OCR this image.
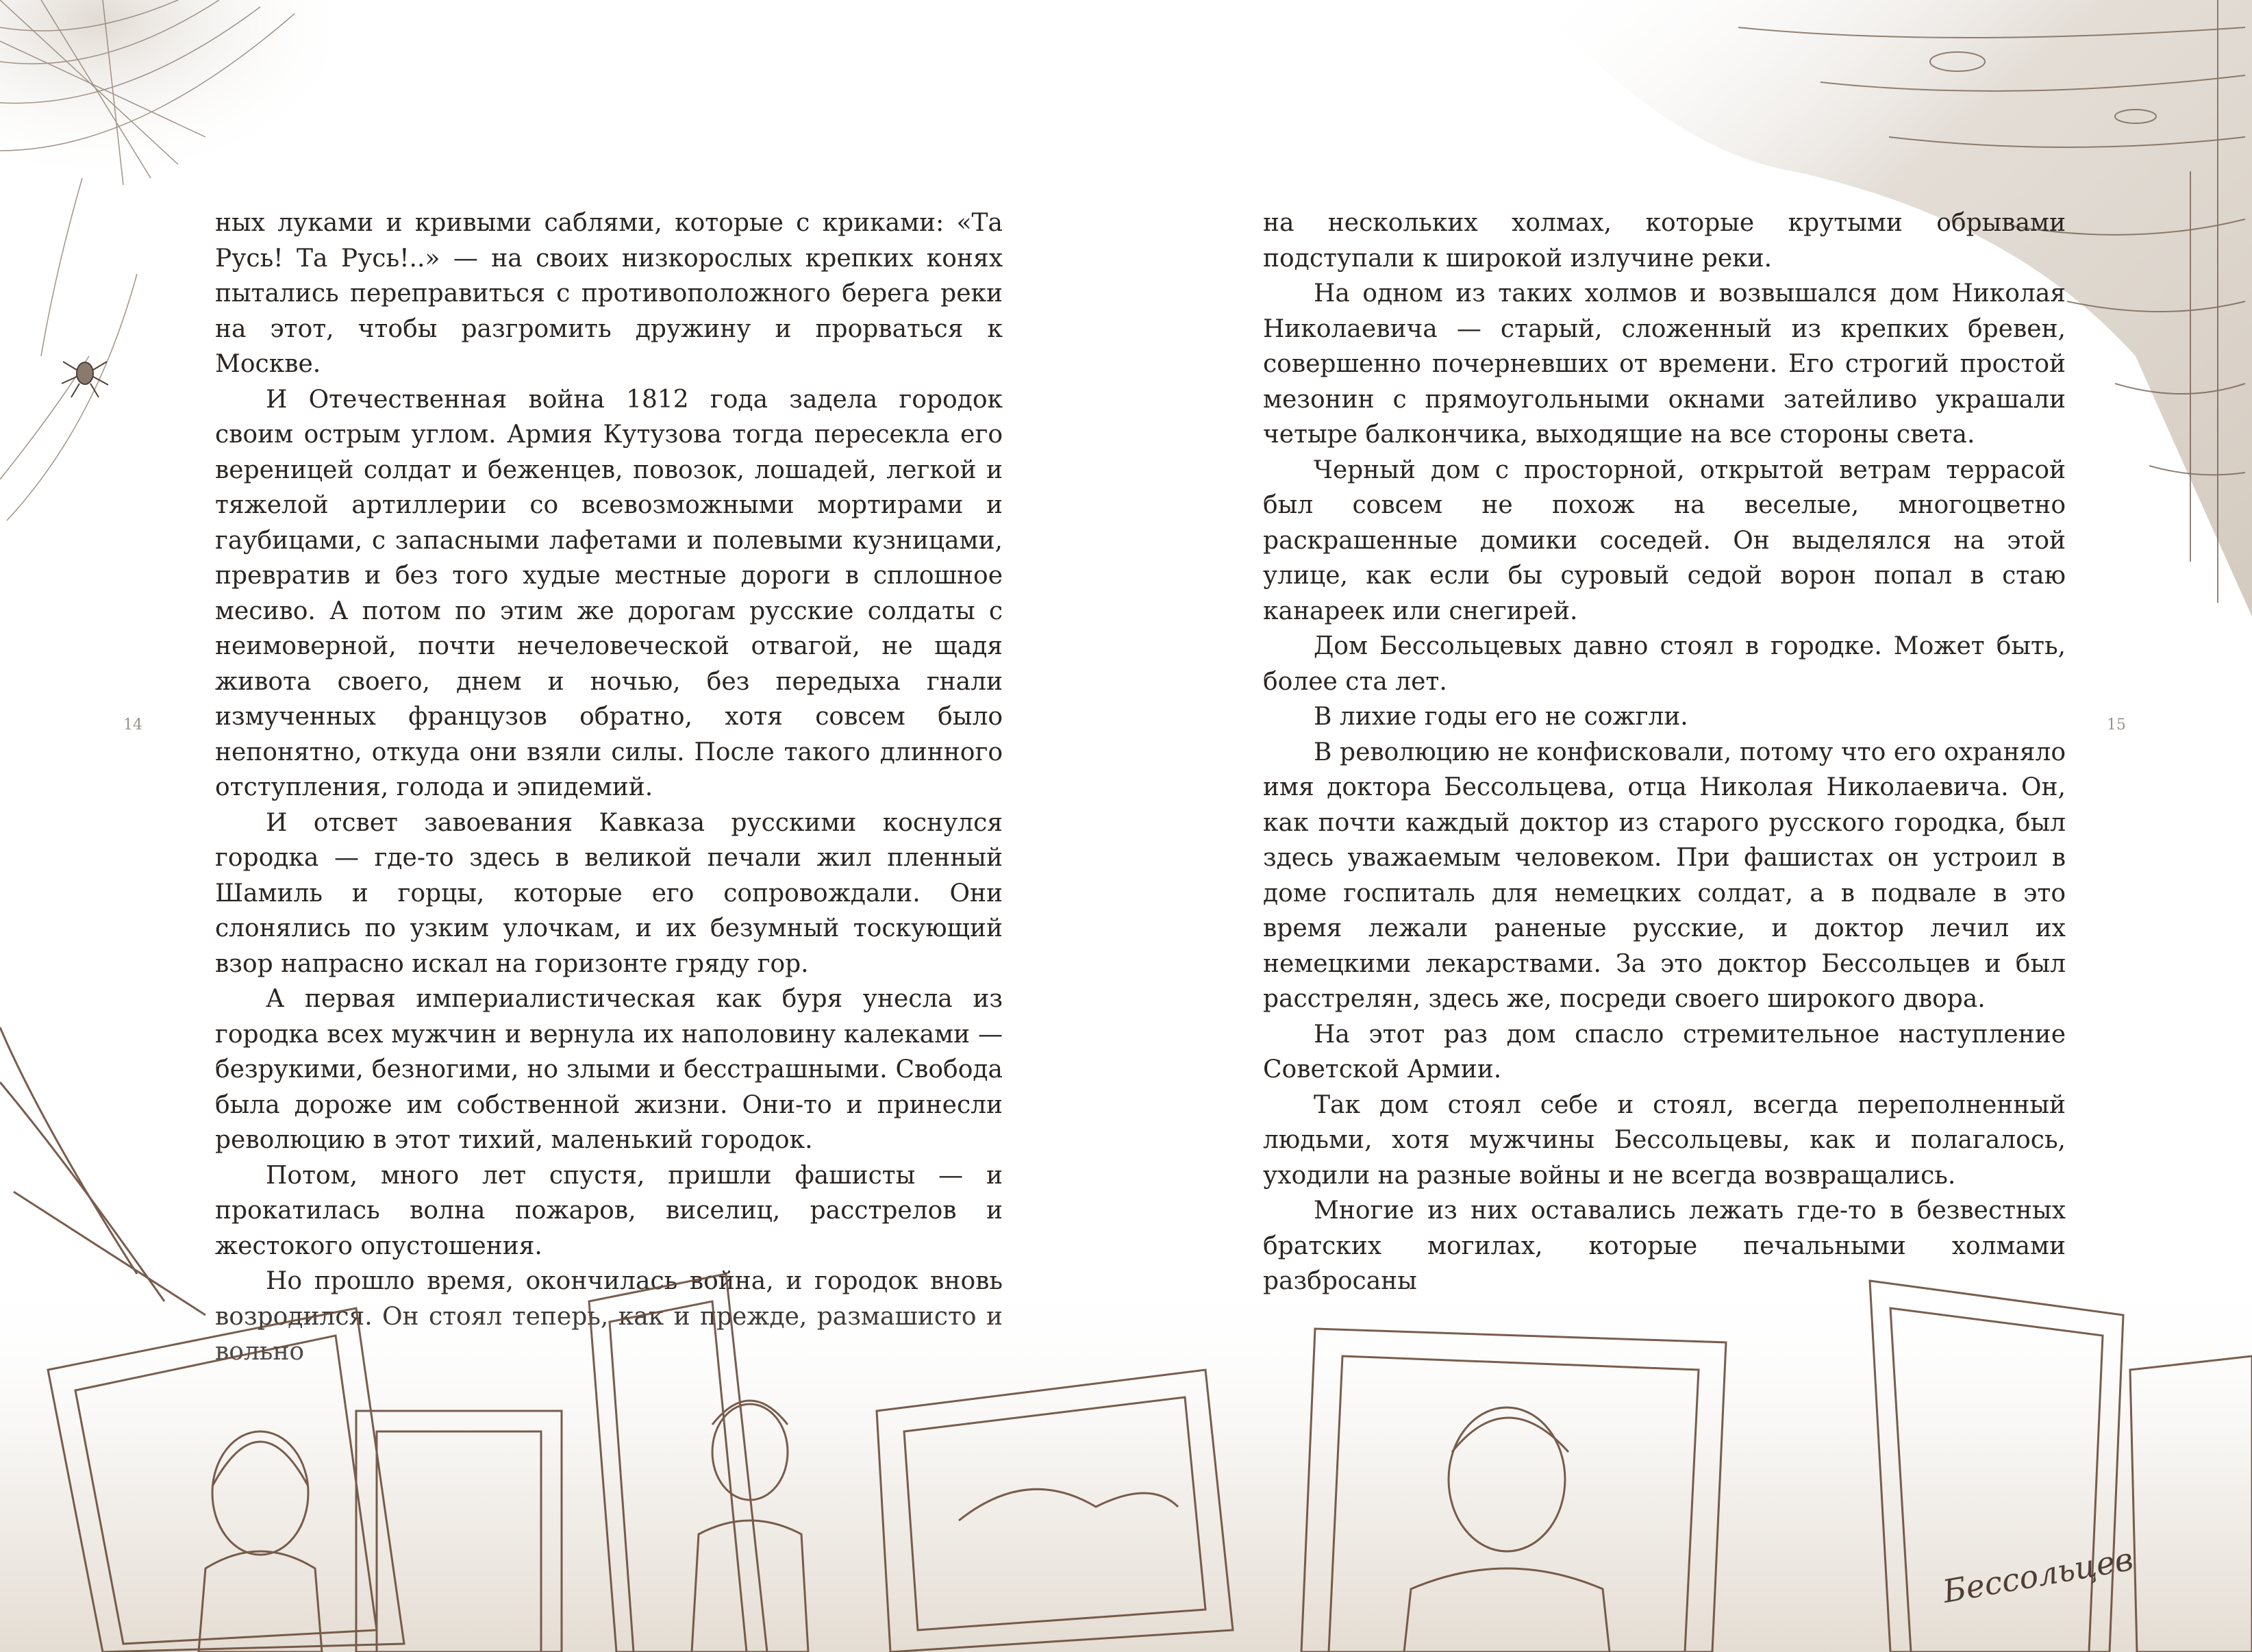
ных луками и кривыми саблями, которые с криками: «Та Русь! Та Русь!..» — на своих низкорослых крепких конях пытались переправиться с противоположного берега реки на этот, чтобы разгромить дружину и прорваться к Москве.

И Отечественная война 1812 года задела городок своим острым углом. Армия Кутузова тогда пересекла его вереницей солдат и беженцев, повозок, лошадей, легкой и тяжелой артиллерии со всевозможными мортирами и гаубицами, с запасными лафетами и полевыми кузницами, превратив и без того худые местные дороги в сплошное месиво. А потом по этим же дорогам русские солдаты с неимоверной, почти нечеловеческой отвагой, не щадя живота своего, днем и ночью, без передыха гнали измученных французов обратно, хотя совсем было непонятно, откуда они взяли силы. После такого длинного отступления, голода и эпидемий.

И отсвет завоевания Кавказа русскими коснулся городка — где-то здесь в великой печали жил пленный Шамиль и горцы, которые его сопровождали. Они слонялись по узким улочкам, и их безумный тоскующий взор напрасно искал на горизонте гряду гор.

А первая империалистическая как буря унесла из городка всех мужчин и вернула их наполовину калеками — безрукими, безногими, но злыми и бесстрашными. Свобода была дороже им собственной жизни. Они-то и принесли революцию в этот тихий, маленький городок.

Потом, много лет спустя, пришли фашисты — и прокатилась волна пожаров, виселиц, расстрелов и жестокого опустошения.

14

на нескольких холмах, которые крутыми обрывами подступали к широкой излучине реки.

На одном из таких холмов и возвышался дом Николая Николаевича — старый, сложенный из крепких бревен, совершенно почерневших от времени. Его строгий простой мезонин с прямоугольными окнами затейливо украшали четыре балкончика, выходящие на все стороны света.

Черный дом с просторной, открытой ветрам террасой был совсем не похож на веселые, многоцветно раскрашенные домики соседей. Он выделялся на этой улице, как если бы суровый седой ворон попал в стаю канареек или снегирей.

Дом Бессольцевых давно стоял в городке. Может быть, более ста лет.

В лихие годы его не сожгли.

В революцию не конфисковали, потому что его охраняло имя доктора Бессольцева, отца Николая Николаевича. Он, как почти каждый доктор из старого русского городка, был здесь уважаемым человеком. При фашистах он устроил в доме госпиталь для немецких солдат, а в подвале в это время лежали раненые русские, и доктор лечил их немецкими лекарствами. За это доктор Бессольцев и был расстрелян, здесь же, посреди своего широкого двора.

На этот раз дом спасло стремительное наступление Советской Армии.

Так дом стоял себе и стоял, всегда переполненный людьми, хотя мужчины Бессольцевы, как и полагалось, уходили на разные войны и не всегда возвращались.

Многие из них оставались лежать где-то в безвестных братских могилах, которые печальными холмами

15
Бессольцев
